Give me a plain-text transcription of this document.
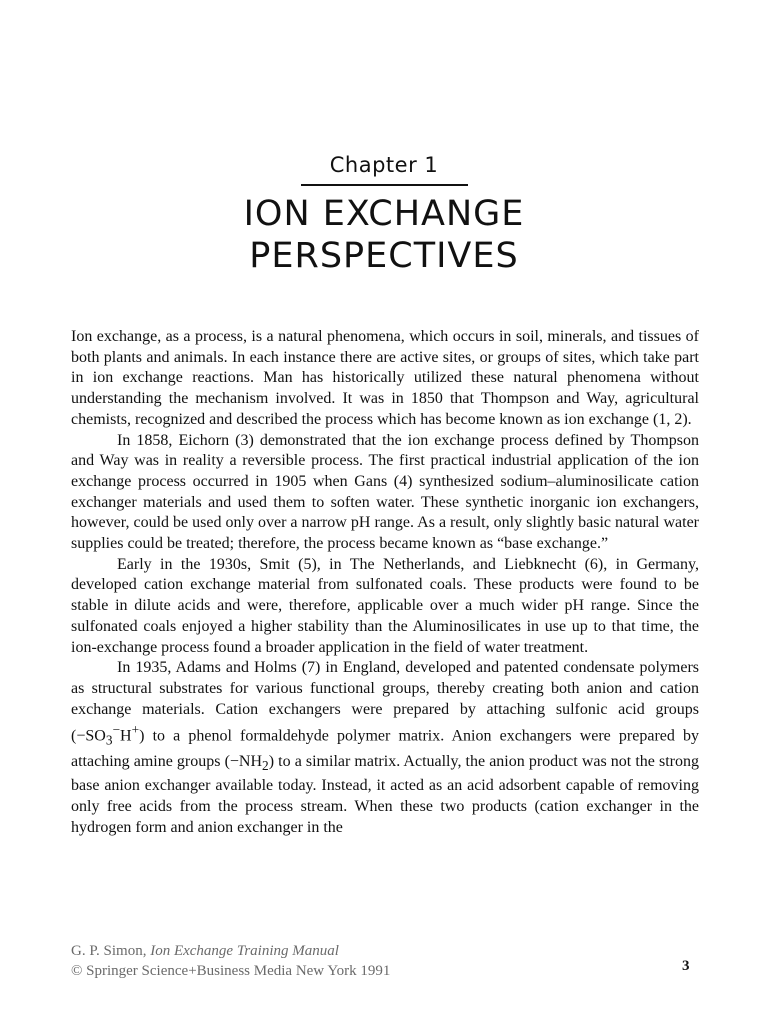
Chapter 1
ION EXCHANGE
PERSPECTIVES

Ion exchange, as a process, is a natural phenomena, which occurs in soil, minerals, and tissues of both plants and animals. In each instance there are active sites, or groups of sites, which take part in ion exchange reactions. Man has historically utilized these natural phenomena without understanding the mechanism involved. It was in 1850 that Thompson and Way, agricultural chemists, recognized and described the process which has become known as ion exchange (1, 2).

In 1858, Eichorn (3) demonstrated that the ion exchange process defined by Thompson and Way was in reality a reversible process. The first practical industrial application of the ion exchange process occurred in 1905 when Gans (4) synthesized sodium–aluminosilicate cation exchanger materials and used them to soften water. These synthetic inorganic ion exchangers, however, could be used only over a narrow pH range. As a result, only slightly basic natural water supplies could be treated; therefore, the process became known as “base exchange.”

Early in the 1930s, Smit (5), in The Netherlands, and Liebknecht (6), in Germany, developed cation exchange material from sulfonated coals. These products were found to be stable in dilute acids and were, therefore, applicable over a much wider pH range. Since the sulfonated coals enjoyed a higher stability than the Aluminosilicates in use up to that time, the ion-exchange process found a broader application in the field of water treatment.

In 1935, Adams and Holms (7) in England, developed and patented condensate polymers as structural substrates for various functional groups, thereby creating both anion and cation exchange materials. Cation exchangers were prepared by attaching sulfonic acid groups $(-SO_3^-H^+)$ to a phenol formaldehyde polymer matrix. Anion exchangers were prepared by attaching amine groups $(-NH_2)$ to a similar matrix. Actually, the anion product was not the strong base anion exchanger available today. Instead, it acted as an acid adsorbent capable of removing only free acids from the process stream. When these two products (cation exchanger in the hydrogen form and anion exchanger in the

G. P. Simon, Ion Exchange Training Manual
© Springer Science+Business Media New York 1991	3
